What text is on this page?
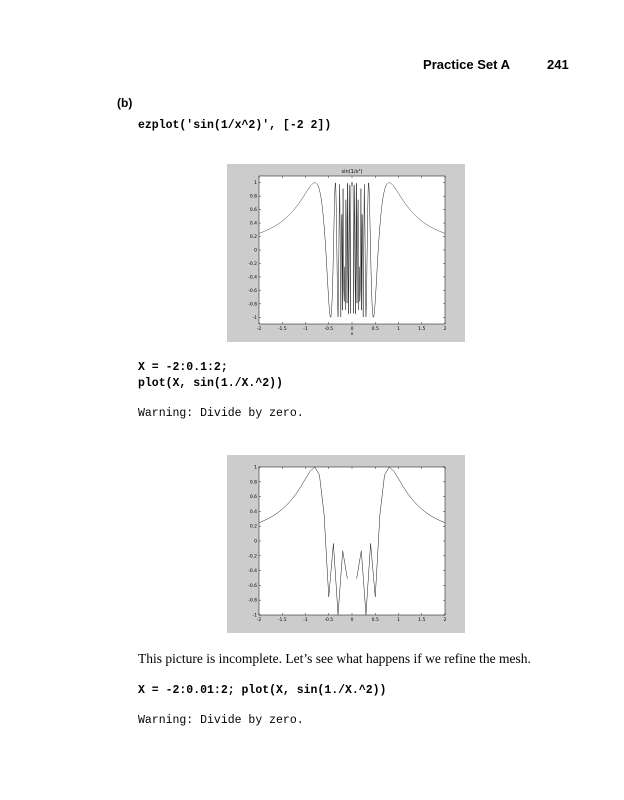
Practice Set A	241
(b)
ezplot('sin(1/x^2)', [-2 2])
-2	-1.5	-1	-0.5	0	0.5	1	1.5	2
1
0.8
0.6
0.4
0.2
0
-0.2
-0.4
-0.6
-0.8
-1
sin(1/x²)
x
X = -2:0.1:2;
plot(X, sin(1./X.^2))
Warning: Divide by zero.
-2	-1.5	-1	-0.5	0	0.5	1	1.5	2
1
0.8
0.6
0.4
0.2
0
-0.2
-0.4
-0.6
-0.8
-1
This picture is incomplete. Let’s see what happens if we refine the mesh.
X = -2:0.01:2; plot(X, sin(1./X.^2))
Warning: Divide by zero.
